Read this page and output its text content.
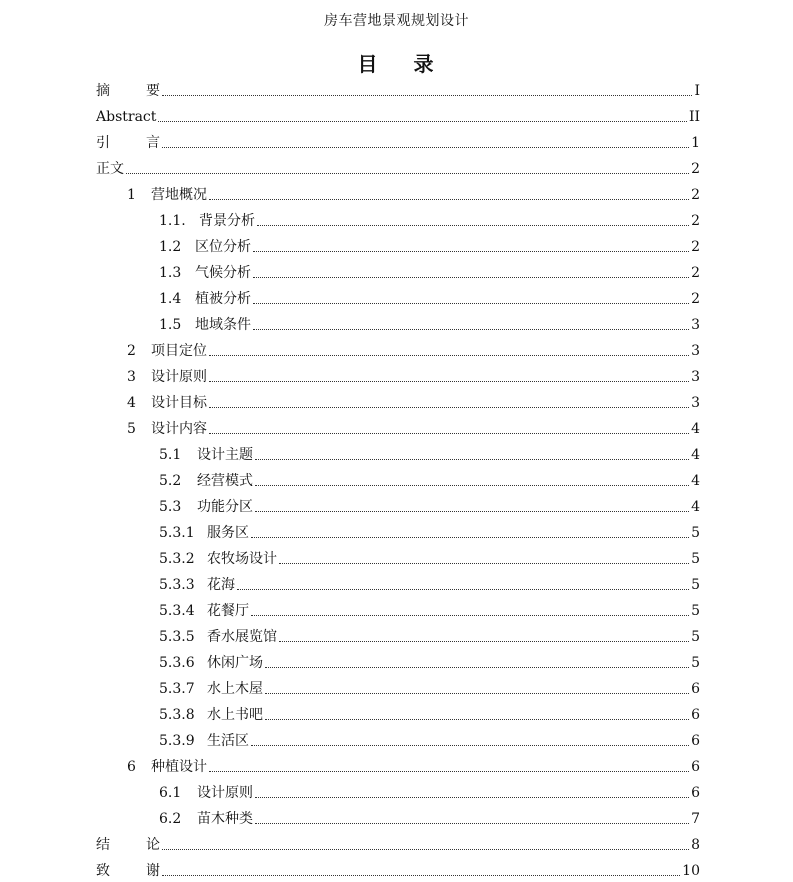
房车营地景观规划设计
目 录
摘	要	I
Abstract	II
引	言	1
正文	2
1	营地概况	2
1.1. 背景分析	2
1.2 区位分析	2
1.3 气候分析	2
1.4 植被分析	2
1.5 地域条件	3
2	项目定位	3
3	设计原则	3
4	设计目标	3
5	设计内容	4
5.1	设计主题	4
5.2	经营模式	4
5.3	功能分区	4
5.3.1 服务区	5
5.3.2 农牧场设计	5
5.3.3 花海	5
5.3.4 花餐厅	5
5.3.5 香水展览馆	5
5.3.6 休闲广场	5
5.3.7 水上木屋	6
5.3.8 水上书吧	6
5.3.9 生活区	6
6	种植设计	6
6.1	设计原则	6
6.2	苗木种类	7
结	论	8
致	谢	10
